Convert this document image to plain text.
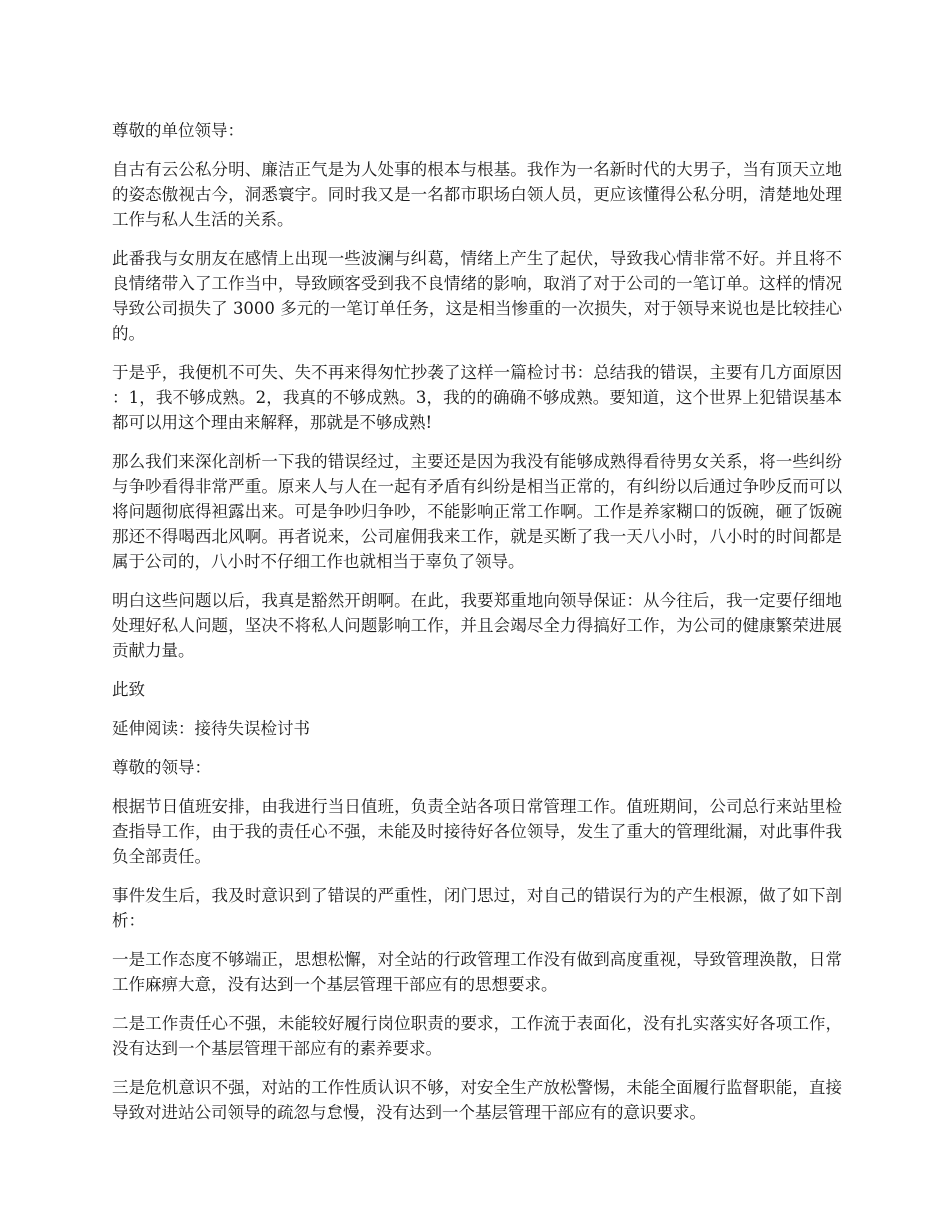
尊敬的单位领导：

自古有云公私分明、廉洁正气是为人处事的根本与根基。我作为一名新时代的大男子，当有顶天立地的姿态傲视古今，洞悉寰宇。同时我又是一名都市职场白领人员，更应该懂得公私分明，清楚地处理工作与私人生活的关系。

此番我与女朋友在感情上出现一些波澜与纠葛，情绪上产生了起伏，导致我心情非常不好。并且将不良情绪带入了工作当中，导致顾客受到我不良情绪的影响，取消了对于公司的一笔订单。这样的情况导致公司损失了 3000 多元的一笔订单任务，这是相当惨重的一次损失，对于领导来说也是比较挂心的。

于是乎，我便机不可失、失不再来得匆忙抄袭了这样一篇检讨书：总结我的错误，主要有几方面原因：1，我不够成熟。2，我真的不够成熟。3，我的的确确不够成熟。要知道，这个世界上犯错误基本都可以用这个理由来解释，那就是不够成熟!

那么我们来深化剖析一下我的错误经过，主要还是因为我没有能够成熟得看待男女关系，将一些纠纷与争吵看得非常严重。原来人与人在一起有矛盾有纠纷是相当正常的，有纠纷以后通过争吵反而可以将问题彻底得袒露出来。可是争吵归争吵，不能影响正常工作啊。工作是养家糊口的饭碗，砸了饭碗那还不得喝西北风啊。再者说来，公司雇佣我来工作，就是买断了我一天八小时，八小时的时间都是属于公司的，八小时不仔细工作也就相当于辜负了领导。

明白这些问题以后，我真是豁然开朗啊。在此，我要郑重地向领导保证：从今往后，我一定要仔细地处理好私人问题，坚决不将私人问题影响工作，并且会竭尽全力得搞好工作，为公司的健康繁荣进展贡献力量。

此致

延伸阅读：接待失误检讨书

尊敬的领导：

根据节日值班安排，由我进行当日值班，负责全站各项日常管理工作。值班期间，公司总行来站里检查指导工作，由于我的责任心不强，未能及时接待好各位领导，发生了重大的管理纰漏，对此事件我负全部责任。

事件发生后，我及时意识到了错误的严重性，闭门思过，对自己的错误行为的产生根源，做了如下剖析：

一是工作态度不够端正，思想松懈，对全站的行政管理工作没有做到高度重视，导致管理涣散，日常工作麻痹大意，没有达到一个基层管理干部应有的思想要求。

二是工作责任心不强，未能较好履行岗位职责的要求，工作流于表面化，没有扎实落实好各项工作，没有达到一个基层管理干部应有的素养要求。

三是危机意识不强，对站的工作性质认识不够，对安全生产放松警惕，未能全面履行监督职能，直接导致对进站公司领导的疏忽与怠慢，没有达到一个基层管理干部应有的意识要求。
